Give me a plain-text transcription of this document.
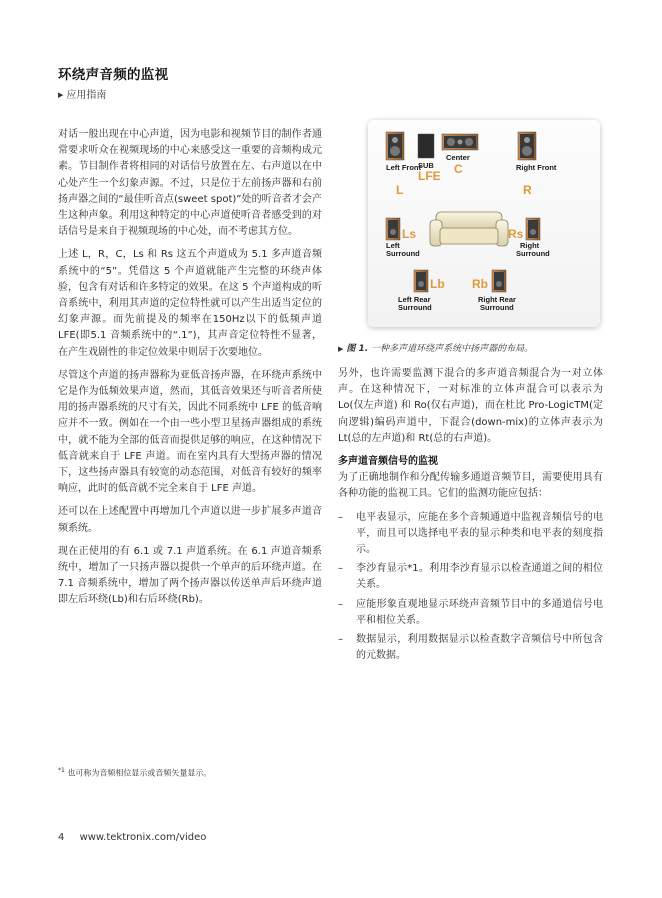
环绕声音频的监视
▶ 应用指南

对话一般出现在中心声道，因为电影和视频节目的制作者通常要求听众在视频现场的中心来感受这一重要的音频构成元素。节目制作者将相同的对话信号放置在左、右声道以在中心处产生一个幻象声源。不过，只是位于左前扬声器和右前扬声器之间的“最佳听音点(sweet spot)”处的听音者才会产生这种声象。利用这种特定的中心声道使听音者感受到的对话信号是来自于视频现场的中心处，而不考虑其方位。

上述 L，R，C，Ls 和 Rs 这五个声道成为 5.1 多声道音频系统中的“5”。凭借这 5 个声道就能产生完整的环绕声体验，包含有对话和许多特定的效果。在这 5 个声道构成的听音系统中，利用其声道的定位特性就可以产生出适当定位的幻象声源。而先前提及的频率在150Hz以下的低频声道 LFE(即5.1 音频系统中的“.1”)，其声音定位特性不显著，在产生戏剧性的非定位效果中则居于次要地位。

尽管这个声道的扬声器称为亚低音扬声器，在环绕声系统中它是作为低频效果声道，然而，其低音效果还与听音者所使用的扬声器系统的尺寸有关，因此不同系统中 LFE 的低音响应并不一致。例如在一个由一些小型卫星扬声器组成的系统中，就不能为全部的低音而提供足够的响应，在这种情况下低音就来自于 LFE 声道。而在室内具有大型扬声器的情况下，这些扬声器具有较宽的动态范围，对低音有较好的频率响应，此时的低音就不完全来自于 LFE 声道。

还可以在上述配置中再增加几个声道以进一步扩展多声道音频系统。

现在正使用的有 6.1 或 7.1 声道系统。在 6.1 声道音频系统中，增加了一只扬声器以提供一个单声的后环绕声道。在 7.1 音频系统中，增加了两个扬声器以传送单声后环绕声道即左后环绕(Lb)和右后环绕(Rb)。

Left Front
L
SUB
LFE
Center
C	Right Front
R
Ls
Left Surround
Rs
Right Surround
Lb
Left Rear Surround
Rb
Right Rear Surround
▶ 图 1. 一种多声道环绕声系统中扬声器的布局。

另外，也许需要监测下混合的多声道音频混合为一对立体声。在这种情况下，一对标准的立体声混合可以表示为 Lo(仅左声道) 和 Ro(仅右声道)，而在杜比 Pro-LogicTM(定向逻辑)编码声道中，下混合(down-mix)的立体声表示为 Lt(总的左声道)和 Rt(总的右声道)。

多声道音频信号的监视

为了正确地制作和分配传输多通道音频节目，需要使用具有各种功能的监视工具。它们的监测功能应包括：

– 电平表显示，应能在多个音频通道中监视音频信号的电平，而且可以选择电平表的显示种类和电平表的刻度指示。
– 李沙育显示*1。利用李沙育显示以检查通道之间的相位关系。
– 应能形象直观地显示环绕声音频节目中的多通道信号电平和相位关系。
– 数据显示，利用数据显示以检查数字音频信号中所包含的元数据。
$^{*1}$ 也可称为音频相位显示或音频矢量显示。
4 www.tektronix.com/video
